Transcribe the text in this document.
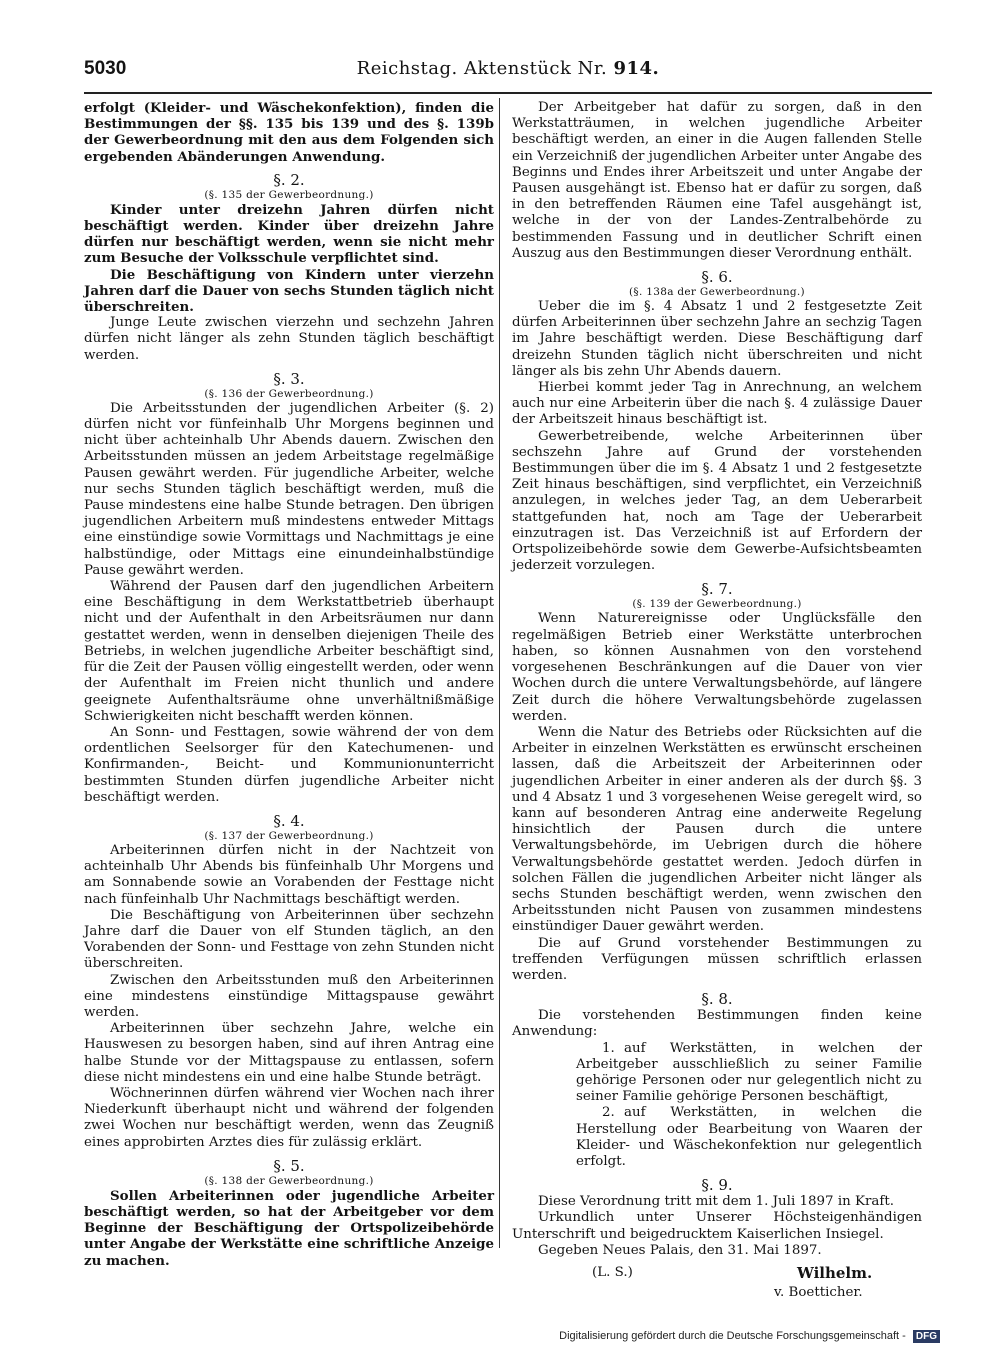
5030	Reichstag. Aktenstück Nr. 914.

erfolgt (Kleider- und Wäschekonfektion), finden die Bestimmungen der §§. 135 bis 139 und des §. 139b der Gewerbeordnung mit den aus dem Folgenden sich ergebenden Abänderungen Anwendung.

§. 2.
(§. 135 der Gewerbeordnung.)

Kinder unter dreizehn Jahren dürfen nicht beschäftigt werden. Kinder über dreizehn Jahre dürfen nur beschäftigt werden, wenn sie nicht mehr zum Besuche der Volksschule verpflichtet sind.

Die Beschäftigung von Kindern unter vierzehn Jahren darf die Dauer von sechs Stunden täglich nicht überschreiten.

Junge Leute zwischen vierzehn und sechzehn Jahren dürfen nicht länger als zehn Stunden täglich beschäftigt werden.

§. 3.
(§. 136 der Gewerbeordnung.)

Die Arbeitsstunden der jugendlichen Arbeiter (§. 2) dürfen nicht vor fünfeinhalb Uhr Morgens beginnen und nicht über achteinhalb Uhr Abends dauern. Zwischen den Arbeitsstunden müssen an jedem Arbeitstage regelmäßige Pausen gewährt werden. Für jugendliche Arbeiter, welche nur sechs Stunden täglich beschäftigt werden, muß die Pause mindestens eine halbe Stunde betragen. Den übrigen jugendlichen Arbeitern muß mindestens entweder Mittags eine einstündige sowie Vormittags und Nachmittags je eine halbstündige, oder Mittags eine einundeinhalbstündige Pause gewährt werden.

Während der Pausen darf den jugendlichen Arbeitern eine Beschäftigung in dem Werkstattbetrieb überhaupt nicht und der Aufenthalt in den Arbeitsräumen nur dann gestattet werden, wenn in denselben diejenigen Theile des Betriebs, in welchen jugendliche Arbeiter beschäftigt sind, für die Zeit der Pausen völlig eingestellt werden, oder wenn der Aufenthalt im Freien nicht thunlich und andere geeignete Aufenthaltsräume ohne unverhältnißmäßige Schwierigkeiten nicht beschafft werden können.

An Sonn- und Festtagen, sowie während der von dem ordentlichen Seelsorger für den Katechumenen- und Konfirmanden-, Beicht- und Kommunionunterricht bestimmten Stunden dürfen jugendliche Arbeiter nicht beschäftigt werden.

§. 4.
(§. 137 der Gewerbeordnung.)

Arbeiterinnen dürfen nicht in der Nachtzeit von achteinhalb Uhr Abends bis fünfeinhalb Uhr Morgens und am Sonnabende sowie an Vorabenden der Festtage nicht nach fünfeinhalb Uhr Nachmittags beschäftigt werden.

Die Beschäftigung von Arbeiterinnen über sechzehn Jahre darf die Dauer von elf Stunden täglich, an den Vorabenden der Sonn- und Festtage von zehn Stunden nicht überschreiten.

Zwischen den Arbeitsstunden muß den Arbeiterinnen eine mindestens einstündige Mittagspause gewährt werden.

Arbeiterinnen über sechzehn Jahre, welche ein Hauswesen zu besorgen haben, sind auf ihren Antrag eine halbe Stunde vor der Mittagspause zu entlassen, sofern diese nicht mindestens ein und eine halbe Stunde beträgt.

Wöchnerinnen dürfen während vier Wochen nach ihrer Niederkunft überhaupt nicht und während der folgenden zwei Wochen nur beschäftigt werden, wenn das Zeugniß eines approbirten Arztes dies für zulässig erklärt.

§. 5.
(§. 138 der Gewerbeordnung.)

Sollen Arbeiterinnen oder jugendliche Arbeiter beschäftigt werden, so hat der Arbeitgeber vor dem Beginne der Beschäftigung der Ortspolizeibehörde unter Angabe der Werkstätte eine schriftliche Anzeige zu machen.

Der Arbeitgeber hat dafür zu sorgen, daß in den Werkstatträumen, in welchen jugendliche Arbeiter beschäftigt werden, an einer in die Augen fallenden Stelle ein Verzeichniß der jugendlichen Arbeiter unter Angabe des Beginns und Endes ihrer Arbeitszeit und unter Angabe der Pausen ausgehängt ist. Ebenso hat er dafür zu sorgen, daß in den betreffenden Räumen eine Tafel ausgehängt ist, welche in der von der Landes-Zentralbehörde zu bestimmenden Fassung und in deutlicher Schrift einen Auszug aus den Bestimmungen dieser Verordnung enthält.

§. 6.
(§. 138a der Gewerbeordnung.)

Ueber die im §. 4 Absatz 1 und 2 festgesetzte Zeit dürfen Arbeiterinnen über sechzehn Jahre an sechzig Tagen im Jahre beschäftigt werden. Diese Beschäftigung darf dreizehn Stunden täglich nicht überschreiten und nicht länger als bis zehn Uhr Abends dauern.

Hierbei kommt jeder Tag in Anrechnung, an welchem auch nur eine Arbeiterin über die nach §. 4 zulässige Dauer der Arbeitszeit hinaus beschäftigt ist.

Gewerbetreibende, welche Arbeiterinnen über sechszehn Jahre auf Grund der vorstehenden Bestimmungen über die im §. 4 Absatz 1 und 2 festgesetzte Zeit hinaus beschäftigen, sind verpflichtet, ein Verzeichniß anzulegen, in welches jeder Tag, an dem Ueberarbeit stattgefunden hat, noch am Tage der Ueberarbeit einzutragen ist. Das Verzeichniß ist auf Erfordern der Ortspolizeibehörde sowie dem Gewerbe-Aufsichtsbeamten jederzeit vorzulegen.

§. 7.
(§. 139 der Gewerbeordnung.)

Wenn Naturereignisse oder Unglücksfälle den regelmäßigen Betrieb einer Werkstätte unterbrochen haben, so können Ausnahmen von den vorstehend vorgesehenen Beschränkungen auf die Dauer von vier Wochen durch die untere Verwaltungsbehörde, auf längere Zeit durch die höhere Verwaltungsbehörde zugelassen werden.

Wenn die Natur des Betriebs oder Rücksichten auf die Arbeiter in einzelnen Werkstätten es erwünscht erscheinen lassen, daß die Arbeitszeit der Arbeiterinnen oder jugendlichen Arbeiter in einer anderen als der durch §§. 3 und 4 Absatz 1 und 3 vorgesehenen Weise geregelt wird, so kann auf besonderen Antrag eine anderweite Regelung hinsichtlich der Pausen durch die untere Verwaltungsbehörde, im Uebrigen durch die höhere Verwaltungsbehörde gestattet werden. Jedoch dürfen in solchen Fällen die jugendlichen Arbeiter nicht länger als sechs Stunden beschäftigt werden, wenn zwischen den Arbeitsstunden nicht Pausen von zusammen mindestens einstündiger Dauer gewährt werden.

Die auf Grund vorstehender Bestimmungen zu treffenden Verfügungen müssen schriftlich erlassen werden.

§. 8.

Die vorstehenden Bestimmungen finden keine Anwendung:

1. auf Werkstätten, in welchen der Arbeitgeber ausschließlich zu seiner Familie gehörige Personen oder nur gelegentlich nicht zu seiner Familie gehörige Personen beschäftigt,

2. auf Werkstätten, in welchen die Herstellung oder Bearbeitung von Waaren der Kleider- und Wäschekonfektion nur gelegentlich erfolgt.

§. 9.

Diese Verordnung tritt mit dem 1. Juli 1897 in Kraft.

Urkundlich unter Unserer Höchsteigenhändigen Unterschrift und beigedrucktem Kaiserlichen Insiegel.

Gegeben Neues Palais, den 31. Mai 1897.

(L. S.)	Wilhelm.
v. Boetticher.
Digitalisierung gefördert durch die Deutsche Forschungsgemeinschaft - DFG
